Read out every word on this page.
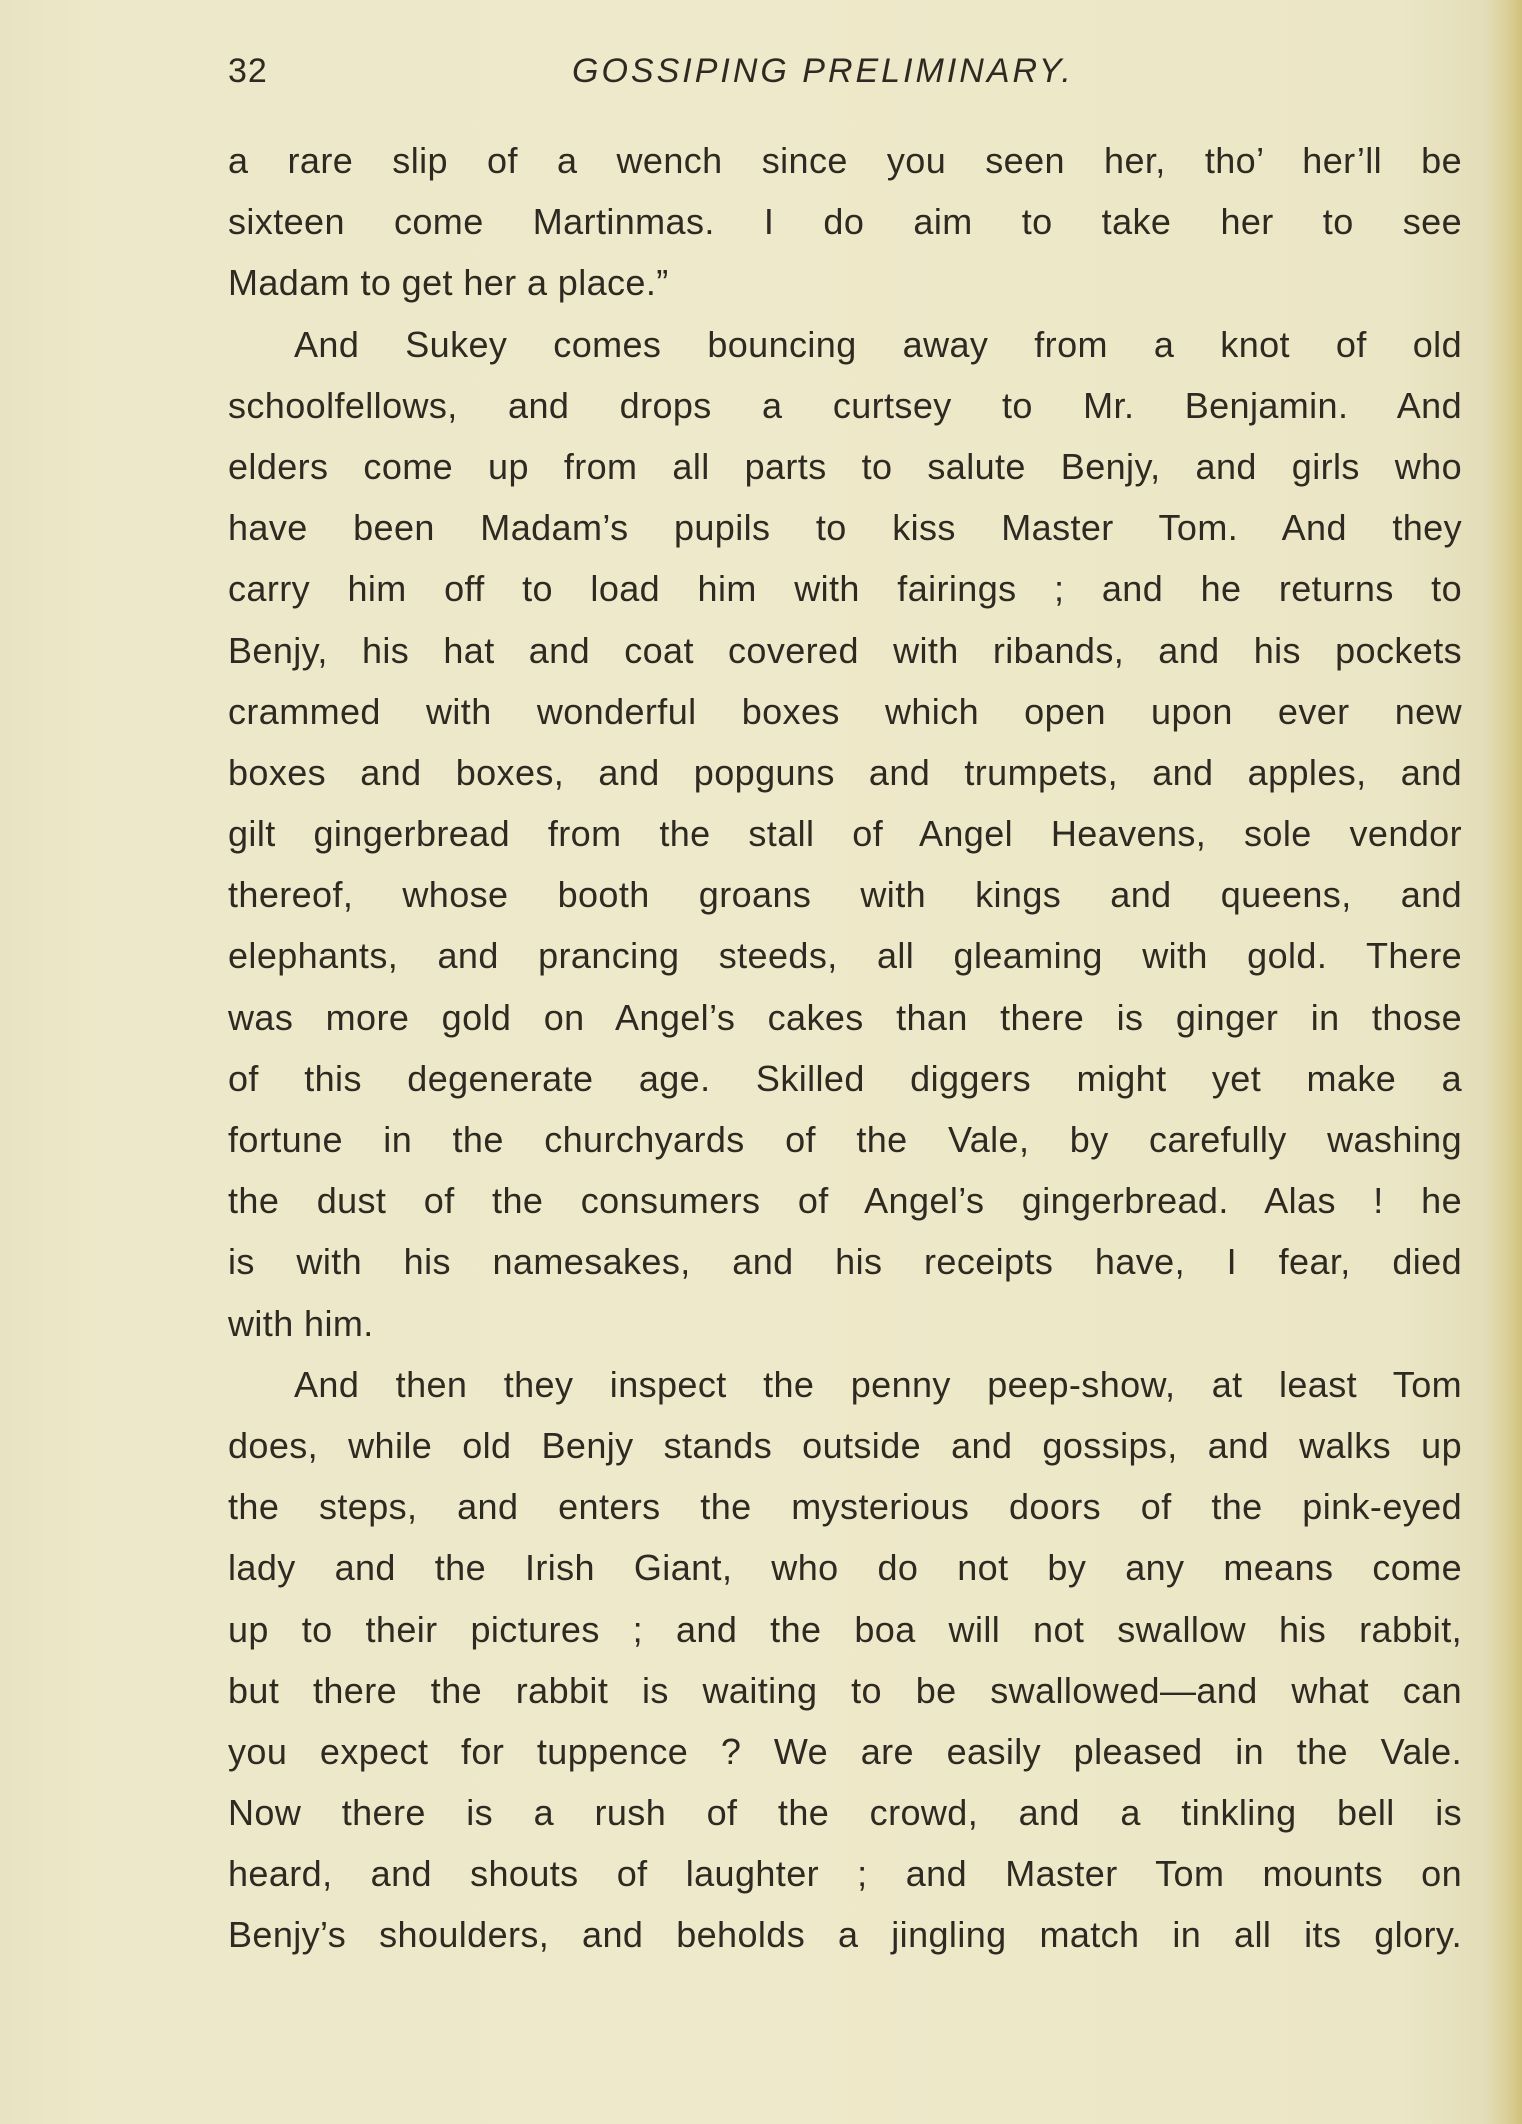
32	GOSSIPING PRELIMINARY.
a rare slip of a wench since you seen her, tho’ her’ll be
sixteen come Martinmas. I do aim to take her to see
Madam to get her a place.”
And Sukey comes bouncing away from a knot of old
schoolfellows, and drops a curtsey to Mr. Benjamin. And
elders come up from all parts to salute Benjy, and girls who
have been Madam’s pupils to kiss Master Tom. And they
carry him off to load him with fairings ; and he returns to
Benjy, his hat and coat covered with ribands, and his pockets
crammed with wonderful boxes which open upon ever new
boxes and boxes, and popguns and trumpets, and apples, and
gilt gingerbread from the stall of Angel Heavens, sole vendor
thereof, whose booth groans with kings and queens, and
elephants, and prancing steeds, all gleaming with gold. There
was more gold on Angel’s cakes than there is ginger in those
of this degenerate age. Skilled diggers might yet make a
fortune in the churchyards of the Vale, by carefully washing
the dust of the consumers of Angel’s gingerbread. Alas ! he
is with his namesakes, and his receipts have, I fear, died
with him.
And then they inspect the penny peep-show, at least Tom
does, while old Benjy stands outside and gossips, and walks up
the steps, and enters the mysterious doors of the pink-eyed
lady and the Irish Giant, who do not by any means come
up to their pictures ; and the boa will not swallow his rabbit,
but there the rabbit is waiting to be swallowed—and what can
you expect for tuppence ? We are easily pleased in the Vale.
Now there is a rush of the crowd, and a tinkling bell is
heard, and shouts of laughter ; and Master Tom mounts on
Benjy’s shoulders, and beholds a jingling match in all its glory.
